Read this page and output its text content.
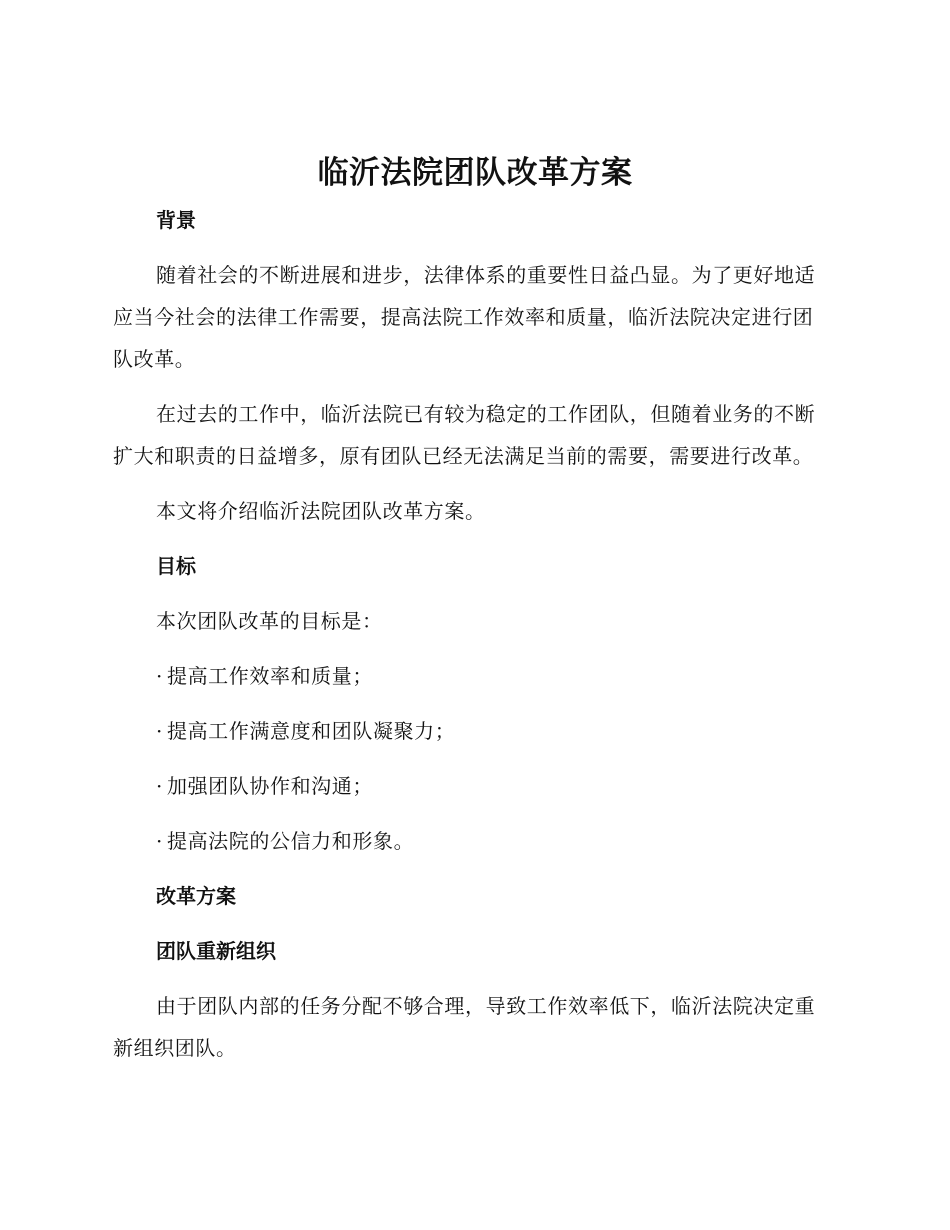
临沂法院团队改革方案
背景

随着社会的不断进展和进步，法律体系的重要性日益凸显。为了更好地适应当今社会的法律工作需要，提高法院工作效率和质量，临沂法院决定进行团队改革。

在过去的工作中，临沂法院已有较为稳定的工作团队，但随着业务的不断扩大和职责的日益增多，原有团队已经无法满足当前的需要，需要进行改革。

本文将介绍临沂法院团队改革方案。

目标

本次团队改革的目标是：

· 提高工作效率和质量；
· 提高工作满意度和团队凝聚力；
· 加强团队协作和沟通；
· 提高法院的公信力和形象。
改革方案
团队重新组织

由于团队内部的任务分配不够合理，导致工作效率低下，临沂法院决定重新组织团队。
